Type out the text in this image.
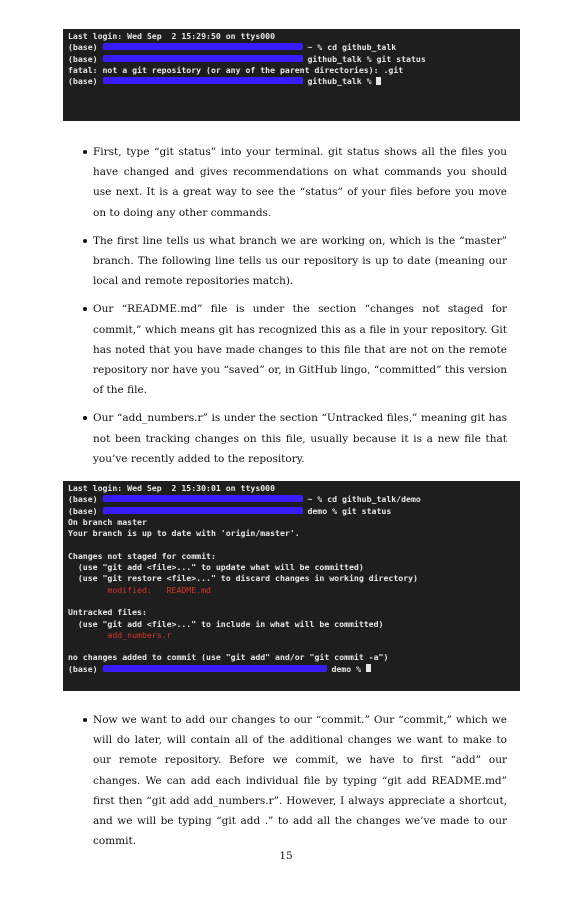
Last login: Wed Sep  2 15:29:50 on ttys000
(base)	~ % cd github_talk
(base)	github_talk % git status
fatal: not a git repository (or any of the parent directories): .git
(base)	github_talk %
First, type “git status” into your terminal. git status shows all the files you have changed and gives recommendations on what commands you should use next. It is a great way to see the “status” of your files before you move on to doing any other commands.
The first line tells us what branch we are working on, which is the “master” branch. The following line tells us our repository is up to date (meaning our local and remote repositories match).
Our “README.md” file is under the section “changes not staged for commit,” which means git has recognized this as a file in your repository. Git has noted that you have made changes to this file that are not on the remote repository nor have you “saved” or, in GitHub lingo, “committed” this version of the file.
Our “add_numbers.r” is under the section “Untracked files,” meaning git has not been tracking changes on this file, usually because it is a new file that you’ve recently added to the repository.
Last login: Wed Sep  2 15:30:01 on ttys000
(base)	~ % cd github_talk/demo
(base)	demo % git status
On branch master
Your branch is up to date with 'origin/master'.
Changes not staged for commit:
(use "git add <file>..." to update what will be committed)
(use "git restore <file>..." to discard changes in working directory)
modified:   README.md
Untracked files:
(use "git add <file>..." to include in what will be committed)
add_numbers.r
no changes added to commit (use "git add" and/or "git commit -a")
(base)	demo %
Now we want to add our changes to our “commit.” Our “commit,” which we will do later, will contain all of the additional changes we want to make to our remote repository. Before we commit, we have to first “add” our changes. We can add each individual file by typing “git add README.md” first then “git add add_numbers.r”. However, I always appreciate a shortcut, and we will be typing “git add .” to add all the changes we’ve made to our commit.
15
